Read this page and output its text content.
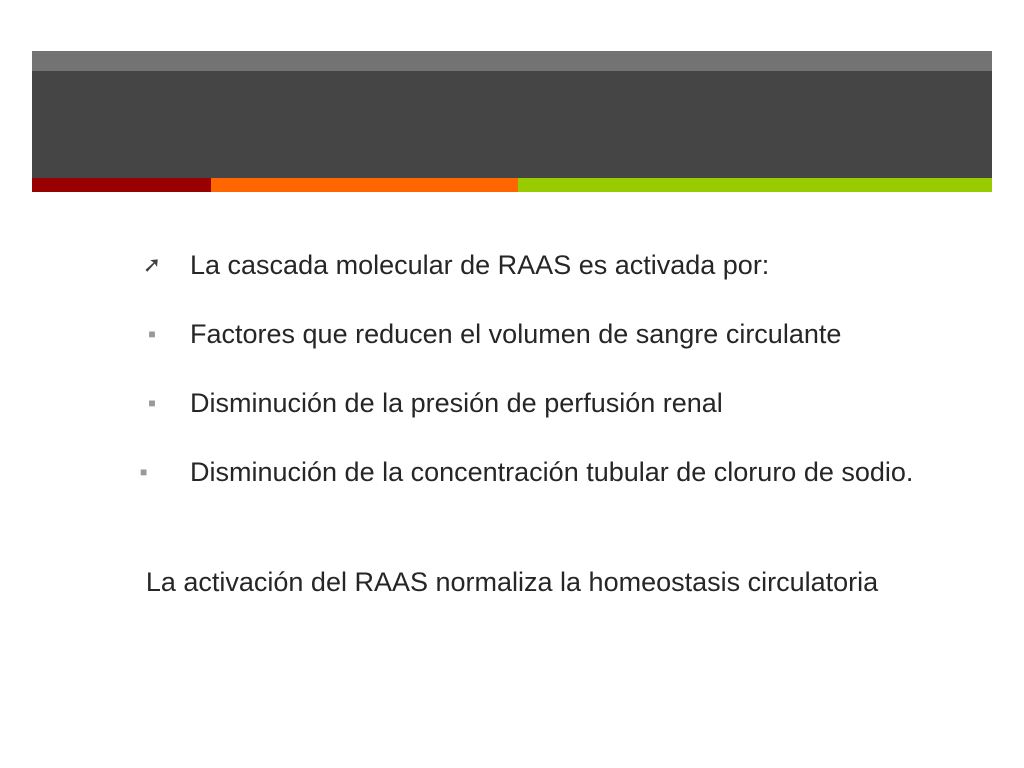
➚ La cascada molecular de RAAS es activada por:
■	Factores que reducen el volumen de sangre circulante
■	Disminución de la presión de perfusión renal
■	Disminución de la concentración tubular de cloruro de sodio.
La activación del RAAS normaliza la homeostasis circulatoria
